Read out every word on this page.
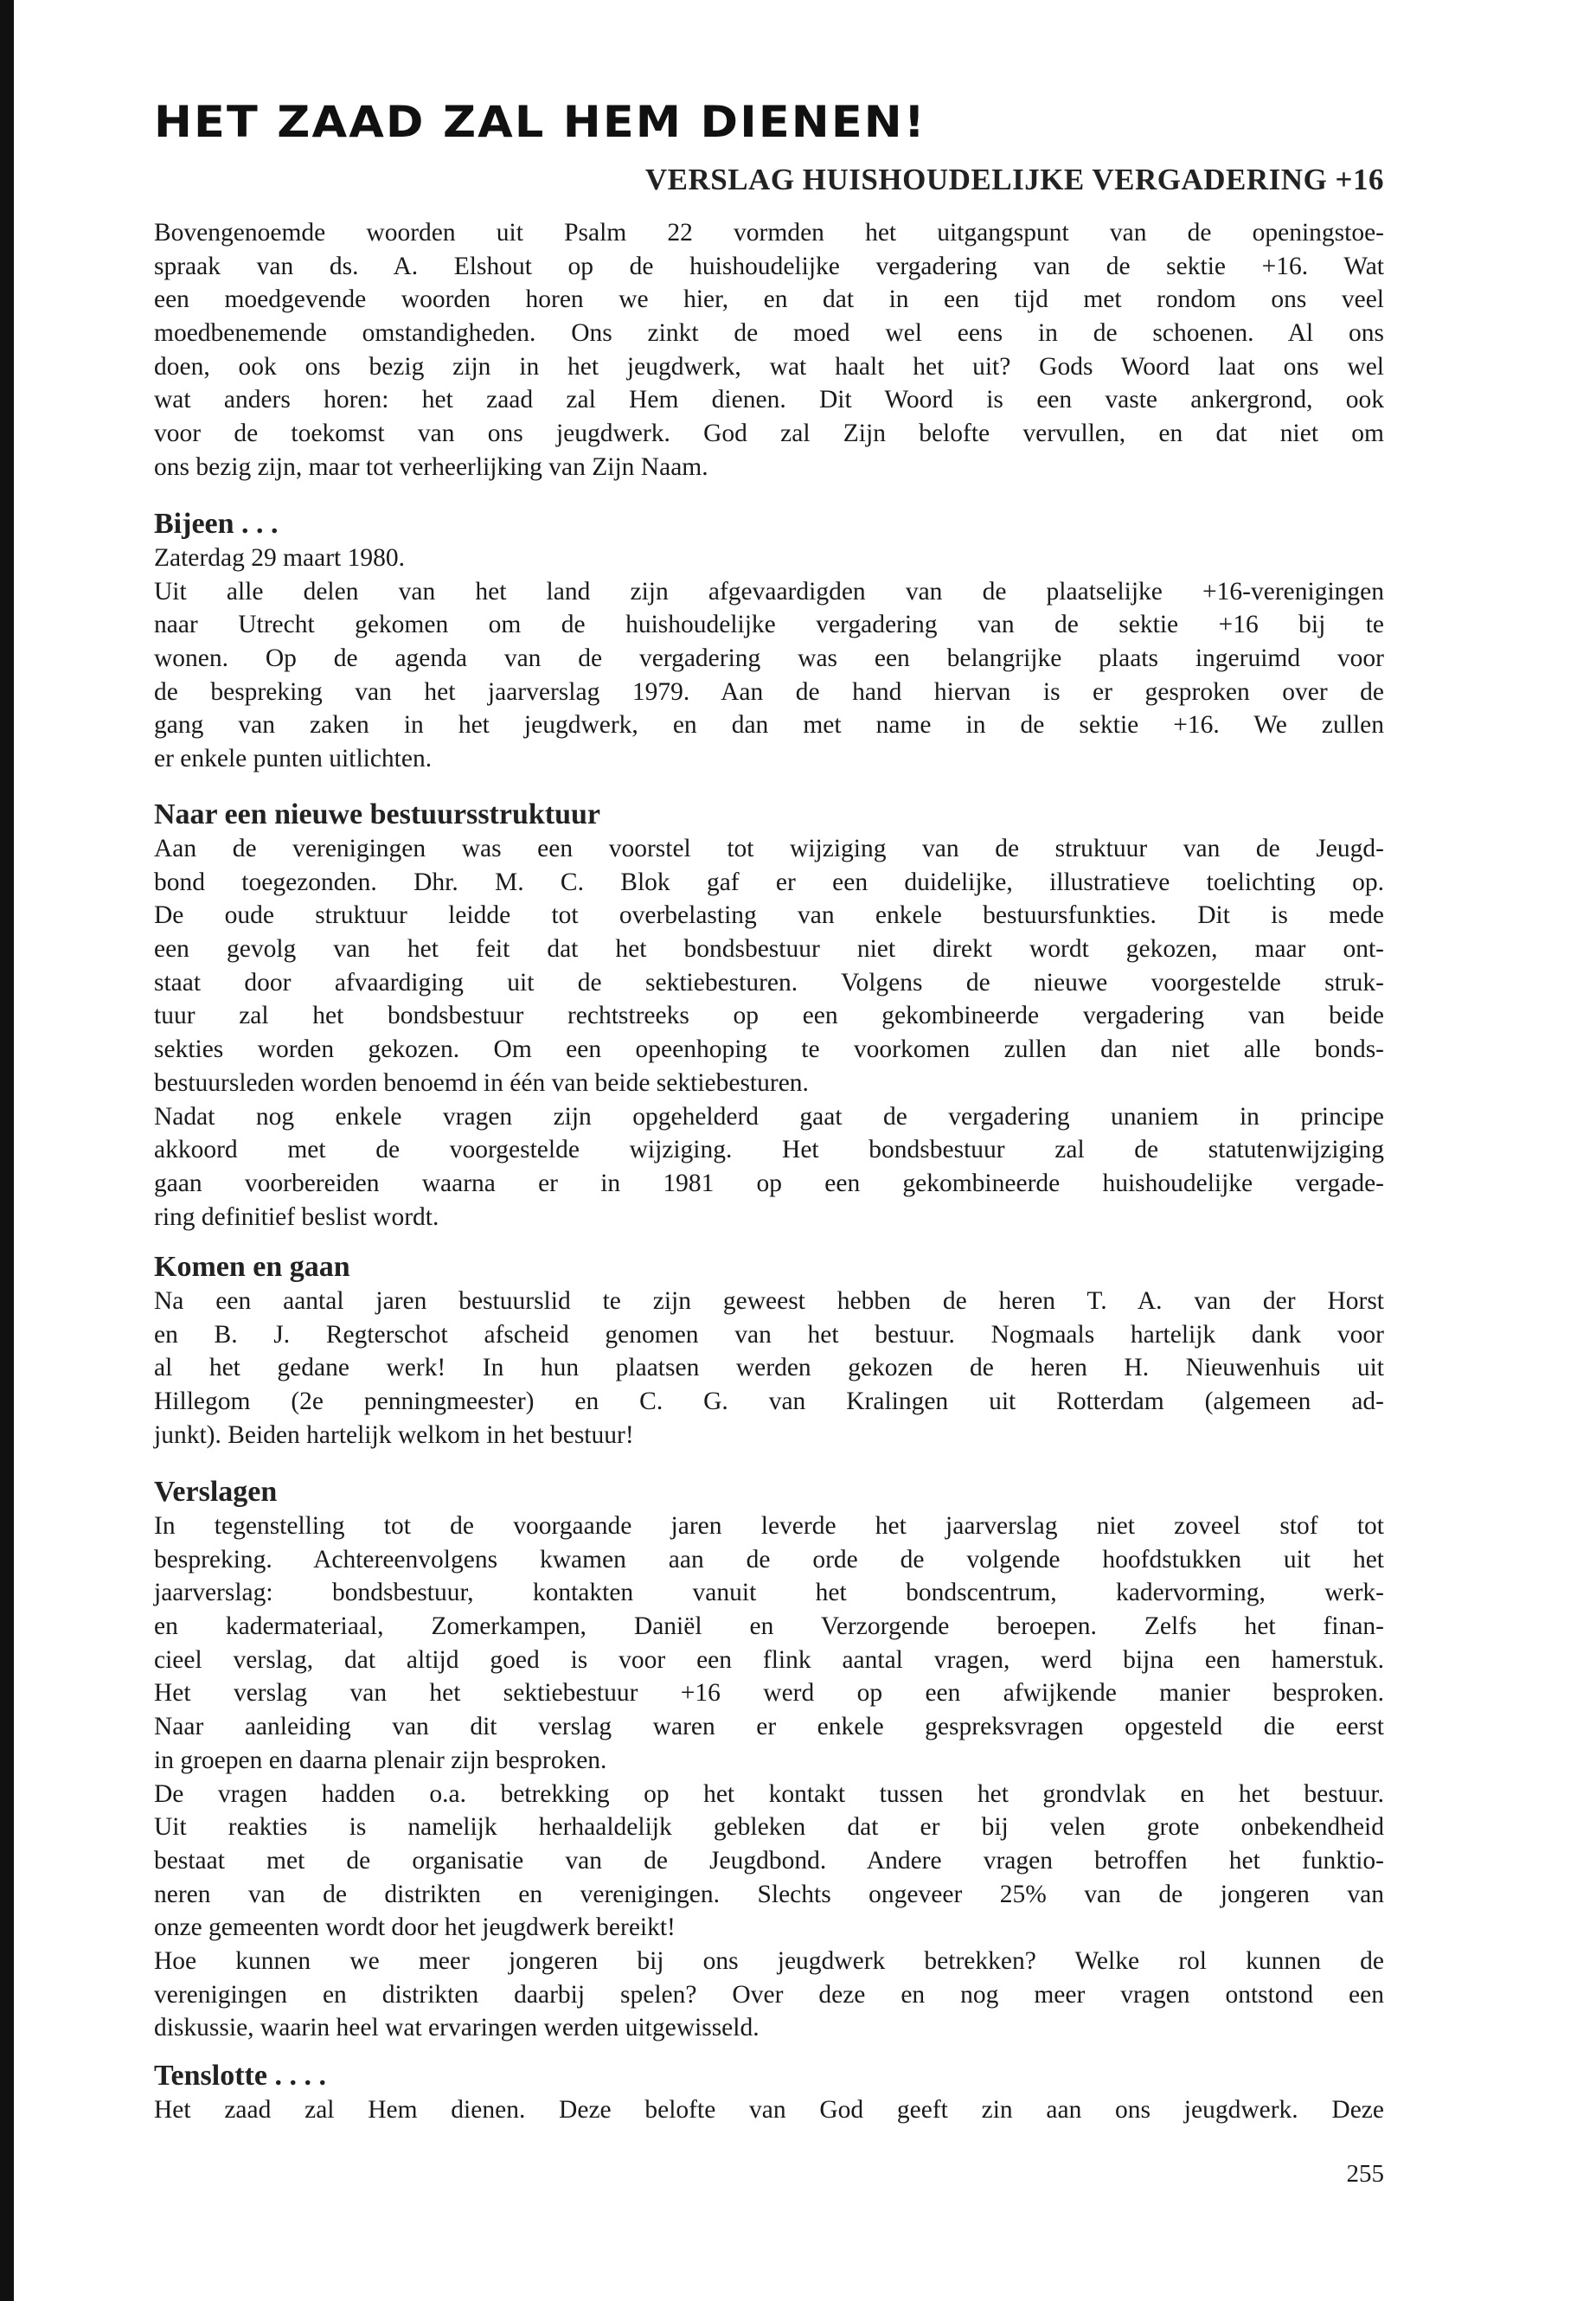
HET ZAAD ZAL HEM DIENEN!
VERSLAG HUISHOUDELIJKE VERGADERING +16
Bovengenoemde woorden uit Psalm 22 vormden het uitgangspunt van de openingstoe-
spraak van ds. A. Elshout op de huishoudelijke vergadering van de sektie +16. Wat
een moedgevende woorden horen we hier, en dat in een tijd met rondom ons veel
moedbenemende omstandigheden. Ons zinkt de moed wel eens in de schoenen. Al ons
doen, ook ons bezig zijn in het jeugdwerk, wat haalt het uit? Gods Woord laat ons wel
wat anders horen: het zaad zal Hem dienen. Dit Woord is een vaste ankergrond, ook
voor de toekomst van ons jeugdwerk. God zal Zijn belofte vervullen, en dat niet om
ons bezig zijn, maar tot verheerlijking van Zijn Naam.
Bijeen . . .
Zaterdag 29 maart 1980.
Uit alle delen van het land zijn afgevaardigden van de plaatselijke +16-verenigingen
naar Utrecht gekomen om de huishoudelijke vergadering van de sektie +16 bij te
wonen. Op de agenda van de vergadering was een belangrijke plaats ingeruimd voor
de bespreking van het jaarverslag 1979. Aan de hand hiervan is er gesproken over de
gang van zaken in het jeugdwerk, en dan met name in de sektie +16. We zullen
er enkele punten uitlichten.
Naar een nieuwe bestuursstruktuur
Aan de verenigingen was een voorstel tot wijziging van de struktuur van de Jeugd-
bond toegezonden. Dhr. M. C. Blok gaf er een duidelijke, illustratieve toelichting op.
De oude struktuur leidde tot overbelasting van enkele bestuursfunkties. Dit is mede
een gevolg van het feit dat het bondsbestuur niet direkt wordt gekozen, maar ont-
staat door afvaardiging uit de sektiebesturen. Volgens de nieuwe voorgestelde struk-
tuur zal het bondsbestuur rechtstreeks op een gekombineerde vergadering van beide
sekties worden gekozen. Om een opeenhoping te voorkomen zullen dan niet alle bonds-
bestuursleden worden benoemd in één van beide sektiebesturen.
Nadat nog enkele vragen zijn opgehelderd gaat de vergadering unaniem in principe
akkoord met de voorgestelde wijziging. Het bondsbestuur zal de statutenwijziging
gaan voorbereiden waarna er in 1981 op een gekombineerde huishoudelijke vergade-
ring definitief beslist wordt.
Komen en gaan
Na een aantal jaren bestuurslid te zijn geweest hebben de heren T. A. van der Horst
en B. J. Regterschot afscheid genomen van het bestuur. Nogmaals hartelijk dank voor
al het gedane werk! In hun plaatsen werden gekozen de heren H. Nieuwenhuis uit
Hillegom (2e penningmeester) en C. G. van Kralingen uit Rotterdam (algemeen ad-
junkt). Beiden hartelijk welkom in het bestuur!
Verslagen
In tegenstelling tot de voorgaande jaren leverde het jaarverslag niet zoveel stof tot
bespreking. Achtereenvolgens kwamen aan de orde de volgende hoofdstukken uit het
jaarverslag: bondsbestuur, kontakten vanuit het bondscentrum, kadervorming, werk-
en kadermateriaal, Zomerkampen, Daniël en Verzorgende beroepen. Zelfs het finan-
cieel verslag, dat altijd goed is voor een flink aantal vragen, werd bijna een hamerstuk.
Het verslag van het sektiebestuur +16 werd op een afwijkende manier besproken.
Naar aanleiding van dit verslag waren er enkele gespreksvragen opgesteld die eerst
in groepen en daarna plenair zijn besproken.
De vragen hadden o.a. betrekking op het kontakt tussen het grondvlak en het bestuur.
Uit reakties is namelijk herhaaldelijk gebleken dat er bij velen grote onbekendheid
bestaat met de organisatie van de Jeugdbond. Andere vragen betroffen het funktio-
neren van de distrikten en verenigingen. Slechts ongeveer 25% van de jongeren van
onze gemeenten wordt door het jeugdwerk bereikt!
Hoe kunnen we meer jongeren bij ons jeugdwerk betrekken? Welke rol kunnen de
verenigingen en distrikten daarbij spelen? Over deze en nog meer vragen ontstond een
diskussie, waarin heel wat ervaringen werden uitgewisseld.
Tenslotte . . . .
Het zaad zal Hem dienen. Deze belofte van God geeft zin aan ons jeugdwerk. Deze
255
